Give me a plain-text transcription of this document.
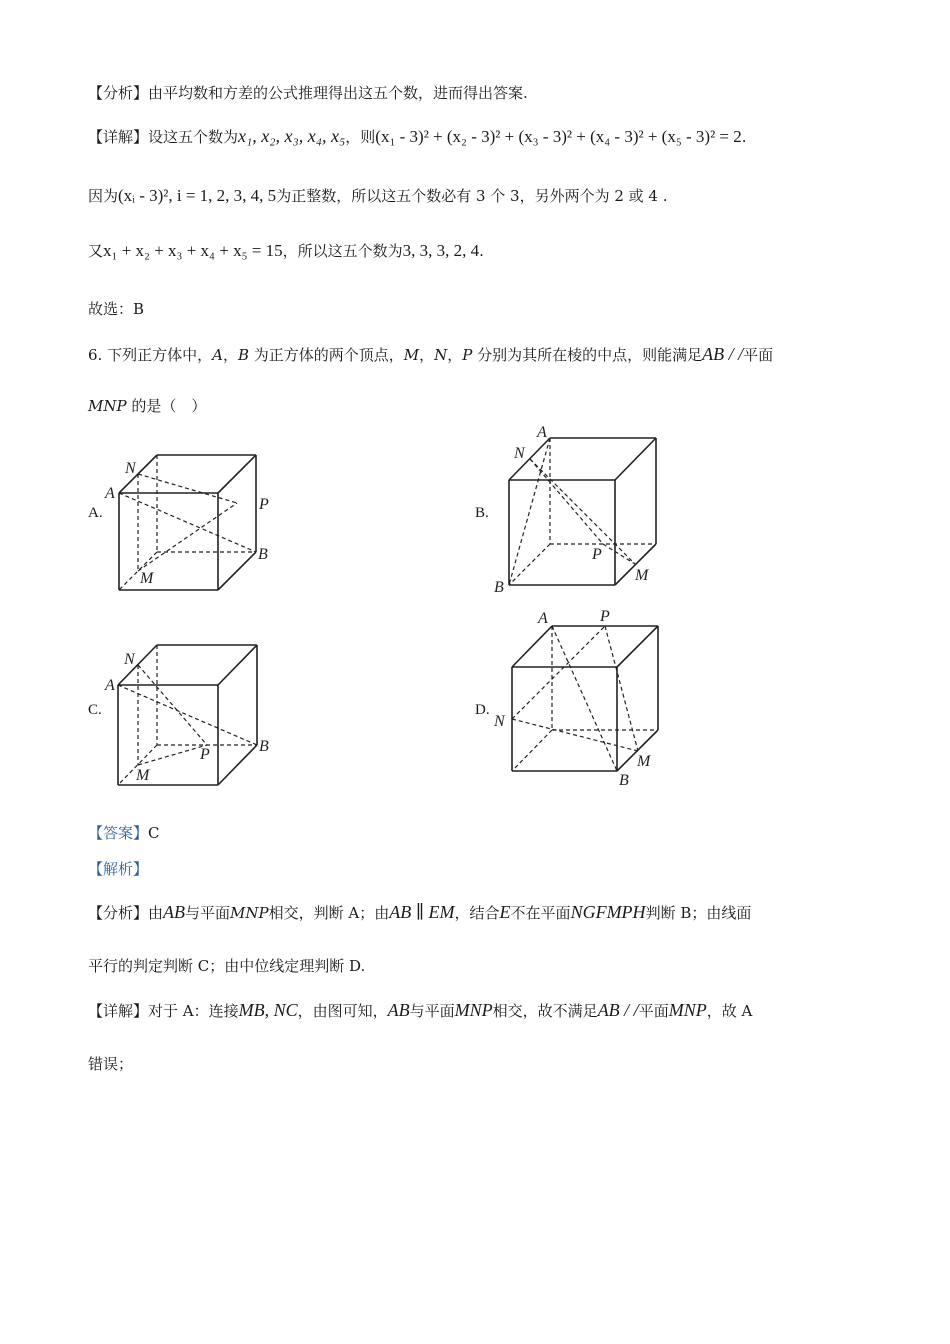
【分析】由平均数和方差的公式推理得出这五个数，进而得出答案.
【详解】设这五个数为x₁, x₂, x₃, x₄, x₅，则(x₁ - 3)² + (x₂ - 3)² + (x₃ - 3)² + (x₄ - 3)² + (x₅ - 3)² = 2.
因为(xᵢ - 3)², i = 1, 2, 3, 4, 5为正整数，所以这五个数必有 3 个 3，另外两个为 2 或 4 .
又x₁ + x₂ + x₃ + x₄ + x₅ = 15，所以这五个数为3, 3, 3, 2, 4.
故选：B
6. 下列正方体中，A，B 为正方体的两个顶点，M，N，P 分别为其所在棱的中点，则能满足AB / /平面
MNP 的是（　）
A.	B.
C.	D.
N
A
P
B
M
A
N
P
M
B
N
A
P	B
M
A	P
N
M
B
【答案】C
【解析】
【分析】由AB与平面MNP相交，判断 A；由AB ∥ EM，结合E不在平面NGFMPH判断 B；由线面
平行的判定判断 C；由中位线定理判断 D.
【详解】对于 A：连接MB, NC，由图可知，AB与平面MNP相交，故不满足AB / /平面MNP，故 A
错误；
